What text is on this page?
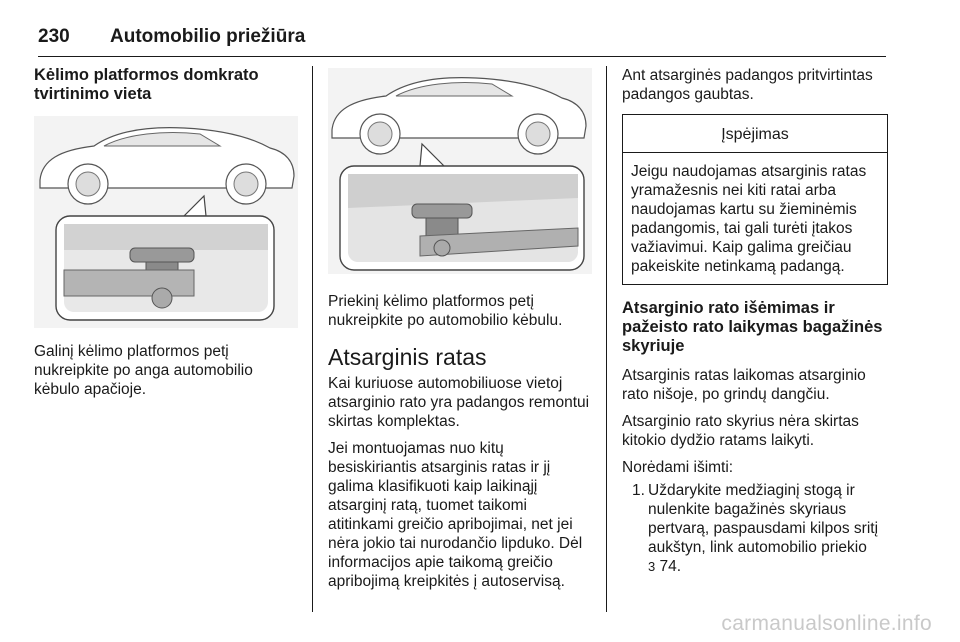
230 Automobilio priežiūra
Kėlimo platformos domkrato tvirtinimo vieta

Galinį kėlimo platformos petį nukreipkite po anga automobilio kėbulo apačioje.

Priekinį kėlimo platformos petį nukreipkite po automobilio kėbulu.

Atsarginis ratas

Kai kuriuose automobiliuose vietoj atsarginio rato yra padangos remontui skirtas komplektas.

Jei montuojamas nuo kitų besiskiriantis atsarginis ratas ir jį galima klasifikuoti kaip laikinąjį atsarginį ratą, tuomet taikomi atitinkami greičio apribojimai, net jei nėra jokio tai nurodančio lipduko. Dėl informacijos apie taikomą greičio apribojimą kreipkitės į autoservisą.

Ant atsarginės padangos pritvirtintas padangos gaubtas.

Įspėjimas
Jeigu naudojamas atsarginis ratas yramažesnis nei kiti ratai arba naudojamas kartu su žieminėmis padangomis, tai gali turėti įtakos važiavimui. Kaip galima greičiau pakeiskite netinkamą padangą.
Atsarginio rato išėmimas ir pažeisto rato laikymas bagažinės skyriuje

Atsarginis ratas laikomas atsarginio rato nišoje, po grindų dangčiu.

Atsarginio rato skyrius nėra skirtas kitokio dydžio ratams laikyti.

Norėdami išimti:

1. Uždarykite medžiaginį stogą ir nulenkite bagažinės skyriaus pertvarą, paspausdami kilpos sritį aukštyn, link automobilio priekio
3 74.
carmanualsonline.info
